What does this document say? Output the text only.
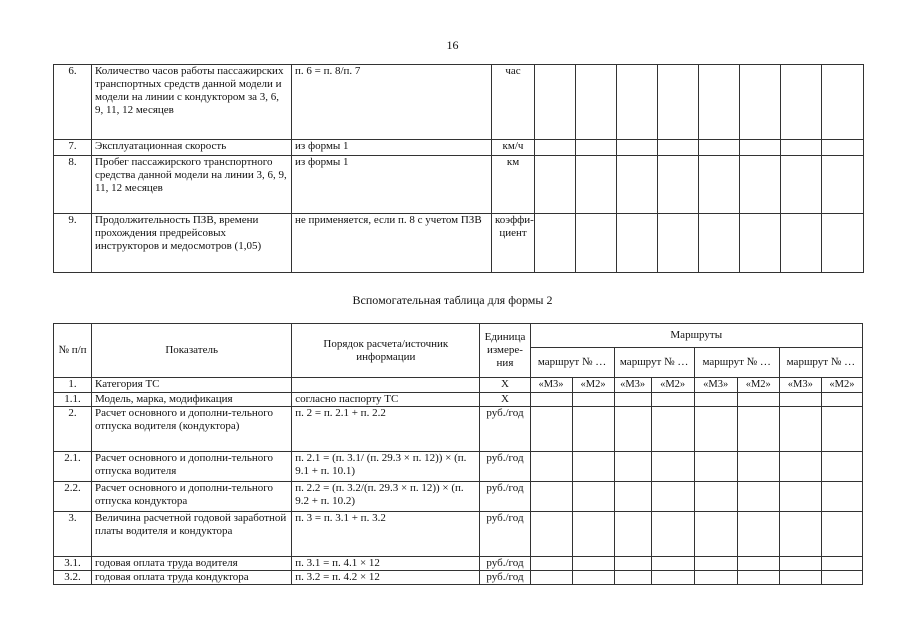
16
6.	Количество часов работы пассажирских транспортных средств данной модели и модели на линии с кондуктором за 3, 6, 9, 11, 12 месяцев	п. 6 = п. 8/п. 7	час								
7.	Эксплуатационная скорость	из формы 1	км/ч								
8.	Пробег пассажирского транспортного средства данной модели на линии 3, 6, 9, 11, 12 месяцев	из формы 1	км								
9.	Продолжительность ПЗВ, времени прохождения предрейсовых инструкторов и медосмотров (1,05)	не применяется, если п. 8 с учетом ПЗВ	коэффи-
циент								
Вспомогательная таблица для формы 2
№ п/п	Показатель	Порядок расчета/источник информации	Единица измере-ния	Маршруты							
				маршрут № …		маршрут № …		маршрут № …		маршрут № …	
1.	Категория ТС		X	«М3»	«М2»	«М3»	«М2»	«М3»	«М2»	«М3»	«М2»
1.1.	Модель, марка, модификация	согласно паспорту ТС	X								
2.	Расчет основного и дополни-тельного отпуска водителя (кондуктора)	п. 2 = п. 2.1 + п. 2.2	руб./год								
2.1.	Расчет основного и дополни-тельного отпуска водителя	п. 2.1 = (п. 3.1/ (п. 29.3 × п. 12)) × (п. 9.1 + п. 10.1)	руб./год								
2.2.	Расчет основного и дополни-тельного отпуска кондуктора	п. 2.2 = (п. 3.2/(п. 29.3 × п. 12)) × (п. 9.2 + п. 10.2)	руб./год								
3.	Величина расчетной годовой заработной платы водителя и кондуктора	п. 3 = п. 3.1 + п. 3.2	руб./год								
3.1.	годовая оплата труда водителя	п. 3.1 = п. 4.1 × 12	руб./год								
3.2.	годовая оплата труда кондуктора	п. 3.2 = п. 4.2 × 12	руб./год								
